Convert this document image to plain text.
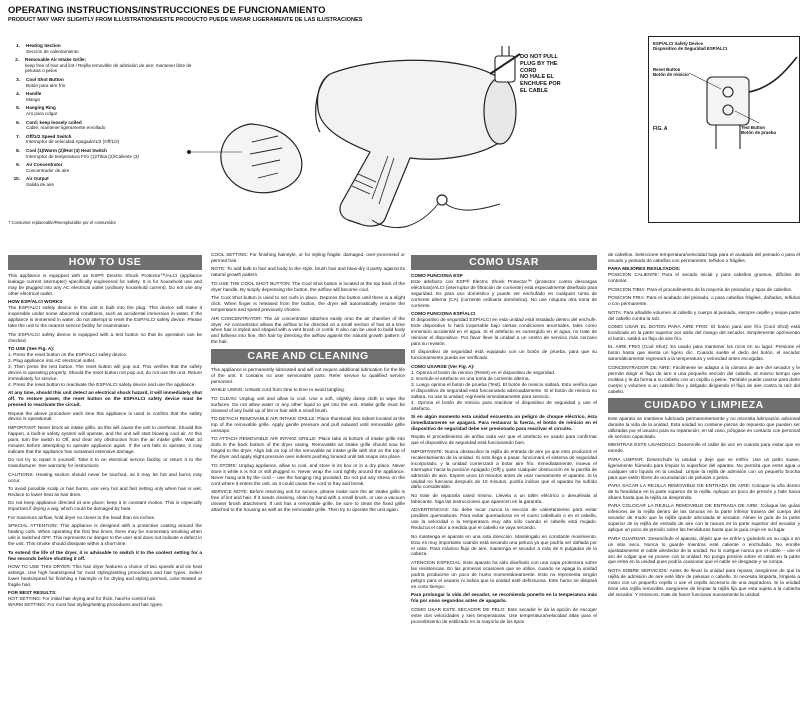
OPERATING INSTRUCTIONS/INSTRUCCIONES DE FUNCIONAMIENTO
PRODUCT MAY VARY SLIGHTLY FROM ILLUSTRATIONS/ESTE PRODUCTO PUEDE VARIAR LIGERAMENTE DE LAS ILUSTRACIONES
1.	Heating Section
Sección de calentamiento
2.	Removable Air Intake Grille;
keep free of hair and lint / Rejilla removible de admisión de aire; mantener libre de pelusas o pelos
3.	Cool Shot Button
Botón para aire frío
4.	Handle
Mango
5.	Hanging Ring
Aro para colgar
6.	Cord; keep loosely coiled
Cable; mantener ligeramente enrollado
7.	Off/1/2 Speed Switch
Interruptor de velocidad Apagado/1/2 (Off/1/2)
8.	Cool (1)/Warm (2)/Hot (3) Heat Switch
Interruptor de temperatura Frío (1)/Tibia (2)/Caliente (3)
9.	Air Concentrator
Concentrador de aire
10.	Air Output
Salida de aire
† Consumer replaceable/Reemplazable por el consumidor
DO NOT PULL
PLUG BY THE
CORD
NO HALE EL
ENCHUFE POR
EL CABLE
ESP/ALCI Safety Device
Dispositivo de Seguridad ESP/ALCI
Reset Button
Botón de reinicio
FIG. A	Test Button
Botón de prueba
HOW TO USE

This appliance is equipped with an ESP® Electric Shock Protector™/ALCI (appliance leakage current interrupter) specifically engineered for safety. It is for household use and may be plugged into any AC electrical outlet (ordinary household current). Do not use any other electrical outlet.

HOW ESP/ALCI WORKS

The ESP/ALCI safety device in this unit is built into the plug. This device will make it inoperable under some abnormal conditions, such as accidental immersion in water. If the appliance is immersed in water, do not attempt to reset the ESP/ALCI safety device. Please take the unit to the nearest service facility for examination.

The ESP/ALCI safety device is equipped with a test button so that its operation can be checked.

TO USE (See Fig. A):
1. Press the reset button on the ESP/ALCI safety device.
2. Plug appliance into AC electrical outlet.
3. Then press the test button. The reset button will pop out. This verifies that the safety device is operating properly. Should the reset button not pop out, do not use the unit. Return immediately for service.

4. Press the reset button to reactivate the ESP/ALCI safety device and use the appliance.

At any time, should this unit detect an electrical shock hazard, it will immediately shut off. To restore power, the reset button on the ESP/ALCI safety device must be pressed to reactivate the circuit.

Repeat the above procedure each time this appliance is used to confirm that the safety device is operational.

IMPORTANT: Never block air intake grille, as this will cause the unit to overheat. Should this happen, a built-in safety system will operate, and the unit will start blowing cool air. At this point, turn the switch to Off, and clear any obstruction from the air intake grille. Wait 10 minutes before attempting to operate appliance again. If the unit fails to operate, it may indicate that the appliance has sustained extensive damage.

Do not try to repair it yourself. Take it to an electrical service facility, or return it to the manufacturer. See warranty for instructions.

CAUTIONS: Heating section should never be touched, as it may be hot and burns may occur.

To avoid possible scalp or hair burns, use very hot and fast setting only when hair is wet. Reduce to lower heat as hair dries.

Do not keep appliance directed at one place; keep it in constant motion. This is especially important if drying a wig, which could be damaged by heat.

For maximum airflow, hold dryer no closer to the head than six inches.

SPECIAL ATTENTION: This appliance is designed with a protective coating around the heating coils. When operating the first few times, there may be momentary smoking when unit is switched OFF. This represents no danger to the user and does not indicate a defect in the unit. This smoke should dissipate within a short time.

To extend the life of the dryer, it is advisable to switch it to the coolest setting for a few seconds before shutting it off.

HOW TO USE THIS DRYER: This hair dryer features a choice of two speeds and six heat settings. Use high heats/speed for most styling/setting procedures and hair types. Select lower heats/speed for finishing a hairstyle or for drying and styling permed, color-treated or fragile hair.

FOR BEST RESULTS:
HOT SETTING: For initial hair drying and for thick, hard-to-control hair.
WARM SETTING: For most hair styling/setting procedures and hair types.

COOL SETTING: For finishing hairstyle, or for styling fragile, damaged, over-processed or permed hair.

NOTE: To add bulk to hair and body to the style, brush hair and blow-dry it partly against its natural growth pattern.

TO USE THE COOL SHOT BUTTON: The Cool Shot button is located at the top back of the dryer handle. By simply depressing the button, the airflow will become cool.

The Cool Shot button is used to set curls in place. Depress the button until there is a slight click. When finger is released from the button, the dryer will automatically resume the temperature and speed previously chosen.

AIR CONCENTRATOR: The air concentrator attaches easily onto the air chamber of the dryer. Air concentrator allows the airflow to be directed on a small section of hair at a time when hair is styled and shaped with a vent brush or comb. It also can be used to build body and fullness into fine, thin hair by directing the airflow against the natural growth pattern of the hair.

CARE AND CLEANING

This appliance is permanently lubricated and will not require additional lubrication for the life of the unit. It contains no user serviceable parts. Refer service to qualified service personnel.

WHILE USING: Untwist cord from time to time to avoid tangling.

TO CLEAN: Unplug unit and allow to cool. Use a soft, slightly damp cloth to wipe the surfaces. Do not allow water or any other liquid to get into the unit. Intake grille must be cleaned of any build-up of lint or hair with a small brush.

TO DETACH REMOVABLE AIR INTAKE GRILLE: Place thumbnail into indent located at the top of the removable grille. Apply gentle pressure and pull outward until removable grille unsnaps.

TO ATTACH REMOVABLE AIR INTAKE GRILLE: Place tabs at bottom of intake grille into slots in the back bottom of the dryer casing. Removable air intake grille should now be hinged to the dryer. Align tab on top of the removable air intake grille with slot on the top of the dryer and apply slight pressure over indents pushing forward until tab snaps into place.

TO STORE: Unplug appliance, allow to cool, and store in its box or in a dry place. Never store it while it is hot or still plugged in. Never wrap the cord tightly around the appliance. Never hang unit by the cord -- use the hanging ring provided. Do not put any stress on the cord where it enters the unit, as it could cause the cord to fray and break.

SERVICE NOTE: Before returning unit for service, please make sure the air intake grille is free of lint and hair. If it needs cleaning, clean by hand with a small brush, or use a vacuum cleaner brush attachment. If unit has a removable grille, be sure to clean the fixed grille attached to the housing as well as the removable grille. Then try to operate the unit again.

COMO USAR
COMO FUNCIONA ESP

Este artefacto con ESP® Electric Shock Protector™ (protector contra descargas eléctricas)/ALCI (interruptor de filtración de corriente) está especialmente diseñado para seguridad. Es para uso doméstico y puede ser enchufado en cualquier toma de corriente alterna (CA) (corriente ordinaria doméstica). No use ninguna otra toma de corriente.

COMO FUNCIONA ESP/ALCI

El dispositivo de seguridad ESP/ALCI en esta unidad está instalado dentro del enchufe. Este dispositivo lo hará inoperable bajo ciertas condiciones anormales, tales como inmersión accidental en el agua. Si el artefacto es sumergido en el agua, no trate de reiniciar el dispositivo. Por favor lleve la unidad a un centro de servicio más cercano para su revisión.

El dispositivo de seguridad está equipado con un botón de prueba, para que su funcionamiento pueda ser verificado.

COMO USARSE (Ver Fig. A):
1. Oprima el botón de reinicio (Reset) en el dispositivo de seguridad.
2. Enchufe el artefacto en una toma de corriente alterna.
3. Luego oprima el botón de prueba (Test). El botón de reinicio saltará. Esto verifica que el dispositivo de seguridad está funcionando adecuadamente. Si el botón de reinicio no saltara, no use la unidad; regrésela inmediatamente para servicio.

4. Oprima el botón de reinicio para reactivar el dispositivo de seguridad y use el artefacto.

Si en algún momento esta unidad encuentra un peligro de choque eléctrico, ésta inmediatamente se apagará. Para restaurar la fuerza, el botón de reinicio en el dispositivo de seguridad debe ser presionado para reactivar el circuito.

Repita el procedimiento de arriba cada vez que el artefacto es usado para confirmar que el dispositivo de seguridad está funcionando bien.

IMPORTANTE: Nunca obstaculice la rejilla de entrada de aire ya que esto producirá el recalentamiento de la unidad. Si esto llega a pasar, funcionará el sistema de seguridad incorporado, y la unidad comenzará a botar aire frío. Inmediatamente, mueva el interruptor hacia la posición Apagado (Off) y quite cualquier obstrucción en la parrilla de admisión de aire. Espere unos 10 minutos antes de usar nuevamente el aparato. Si la unidad no funciona después de 10 minutos, podría indicar que el aparato ha sufrido daño considerable.

No trate de repararla usted mismo. Llévela a un taller eléctrico o devuélvala al fabricante. Siga las instrucciones que aparecen en la garantía.

ADVERTENCIAS: No debe tocar nunca la sección de calentamiento para evitar posibles quemaduras. Para evitar quemaduras en el cuero cabelludo o en el cabello, use la velocidad o la temperatura muy alta sólo cuando el cabello está mojado. Reduzca el calor a medida que el cabello se vaya secando.

No mantenga el aparato en una sola dirección. Manténgalo en constante movimiento. Esto es muy importante cuando está secando una peluca ya que podría ser dañada por el calor. Para máximo flujo de aire, mantenga el secador a más de 6 pulgadas de la cabeza.

ATENCION ESPECIAL: Este aparato ha sido diseñado con una capa protectora sobre las resistencias. En las primeras ocasiones que se utilice, cuando se apaga la unidad podría producirse un poco de humo momentáneamente. Esto no representa ningún peligro para el usuario ni indica que la unidad esté defectuosa. Este humo se disipará en corto tiempo.

Para prolongar la vida del secador, se recomienda ponerlo en la temperatura más fría por unos segundos antes de apagarlo.

COMO USAR ESTE SECADOR DE PELO: Este secador le da la opción de escoger entre dos velocidades y seis temperaturas. Use temperatura/velocidad altas para el procedimiento de estilizado en la mayoría de los tipos

de cabellos. Seleccione temperatura/velocidad baja para el acabado del peinado o para el secado y peinado de cabellos con permanente, teñidos o frágiles.

PARA MEJORES RESULTADOS:

POSICION CALIENTE: Para el secado inicial y para cabellos gruesos, difíciles de controlar.

POSICION TIBIA: Para el procedimiento de la mayoría de peinados y tipos de cabellos.

POSICION FRIA: Para el acabado del peinado, o para cabellos frágiles, dañados, teñidos o con permanente.

NOTA: Para añadirle volumen al cabello y cuerpo al peinado, siempre cepille y seque parte del cabello contra la raíz.

COMO USAR EL BOTON PARA AIRE FRIO: El botón para aire frío (Cool Shot) está localizado en la parte superior por atrás del mango del secador. Simplemente oprímiendo el botón, saldrá un flujo de aire frío.

EL AIRE FRIO (Cool Shot): Es usado para mantener los rizos en su lugar. Presione el botón hasta que sienta un ligero clic. Cuando suelte el dedo del botón, el secador automáticamente regresará a la temperatura y velocidad antes escogidas.

CONCENTRADOR DE AIRE: Fácilmente se adapta a la cámara de aire del secador y le permite dirigir el flujo de aire a una pequeña sección del cabello, al mismo tiempo que moldea y le da forma a su cabello con un cepillo o peine. También puede usarse para darle cuerpo y volumen a un cabello fino y delgado dirigiendo el flujo de aire contra la raíz del cabello.

CUIDADO Y LIMPIEZA

Este aparato se mantiene lubricado permanentemente y no necesita lubricación adicional durante la vida de la unidad. Esta unidad no contiene piezas de repuesto que pueden ser utilizadas por el usuario para su reparación; en tal caso, póngase en contacto con personal de servicio capacitado.

MIENTRAS ESTE USANDOLO: Desenrolle el cable de vez en cuando para evitar que se enrede.

PARA LIMPIAR: Desenchufe la unidad y deje que se enfríe. Use un paño suave, ligeramente húmedo para limpiar la superficie del aparato. No permita que entre agua o cualquier otro líquido en la unidad. Limpie la rejilla de admisión con un pequeño brocha para que estén libres de acumulación de pelusas o pelos.

PARA SACAR LA REJILLA REMOVIBLE DE ENTRADA DE AIRE: Coloque la uña dentro de la hendidura en la parte superior de la rejilla. Aplique un poco de presión y hale hacia afuera hasta que la rejilla se desprenda.

PARA COLOCAR LA REJILLA REMOVIBLE DE ENTRADA DE AIRE: Coloque las guías inferiores de la rejilla dentro de las ranuras en la parte inferior trasera del cuerpo del secador de modo que la rejilla quede articulada al secador. Alinee la guía de la parte superior de la rejilla de entrada de aire con la ranura en la parte superior del secador y aplique un poco de presión sobre las hendiduras hasta que la guía cruje en su lugar.

PARA GUARDAR: Desenchufe el aparato, déjelo que se enfríe y guárdelo en su caja o en un sitio seco. Nunca lo guarde mientras esté caliente o enchufado. No enrolle ajustadamente el cable alrededor de la unidad. No lo cuelgue nunca por el cable -- use el aro de colgar que se provee con la unidad. No ponga presión sobre el cable en la parte que entra en la unidad pues podría ocasionar que el cable se desgaste y se rompa.

NOTA SOBRE SERVICIOS: Antes de llevar la unidad para reparar, asegúrese de que la rejilla de admisión de aire esté libre de pelusas o cabello. Si necesita limpiarla, límpiela a mano con un pequeño cepillo o use el cepillo accesorio de una aspiradora. Si la unidad tiene una rejilla removible, asegúrese de limpiar la rejilla fija que esta sujeta a la cubierta del secador. Y entonces, trate de hacer funcionar nuevamente la unidad.
